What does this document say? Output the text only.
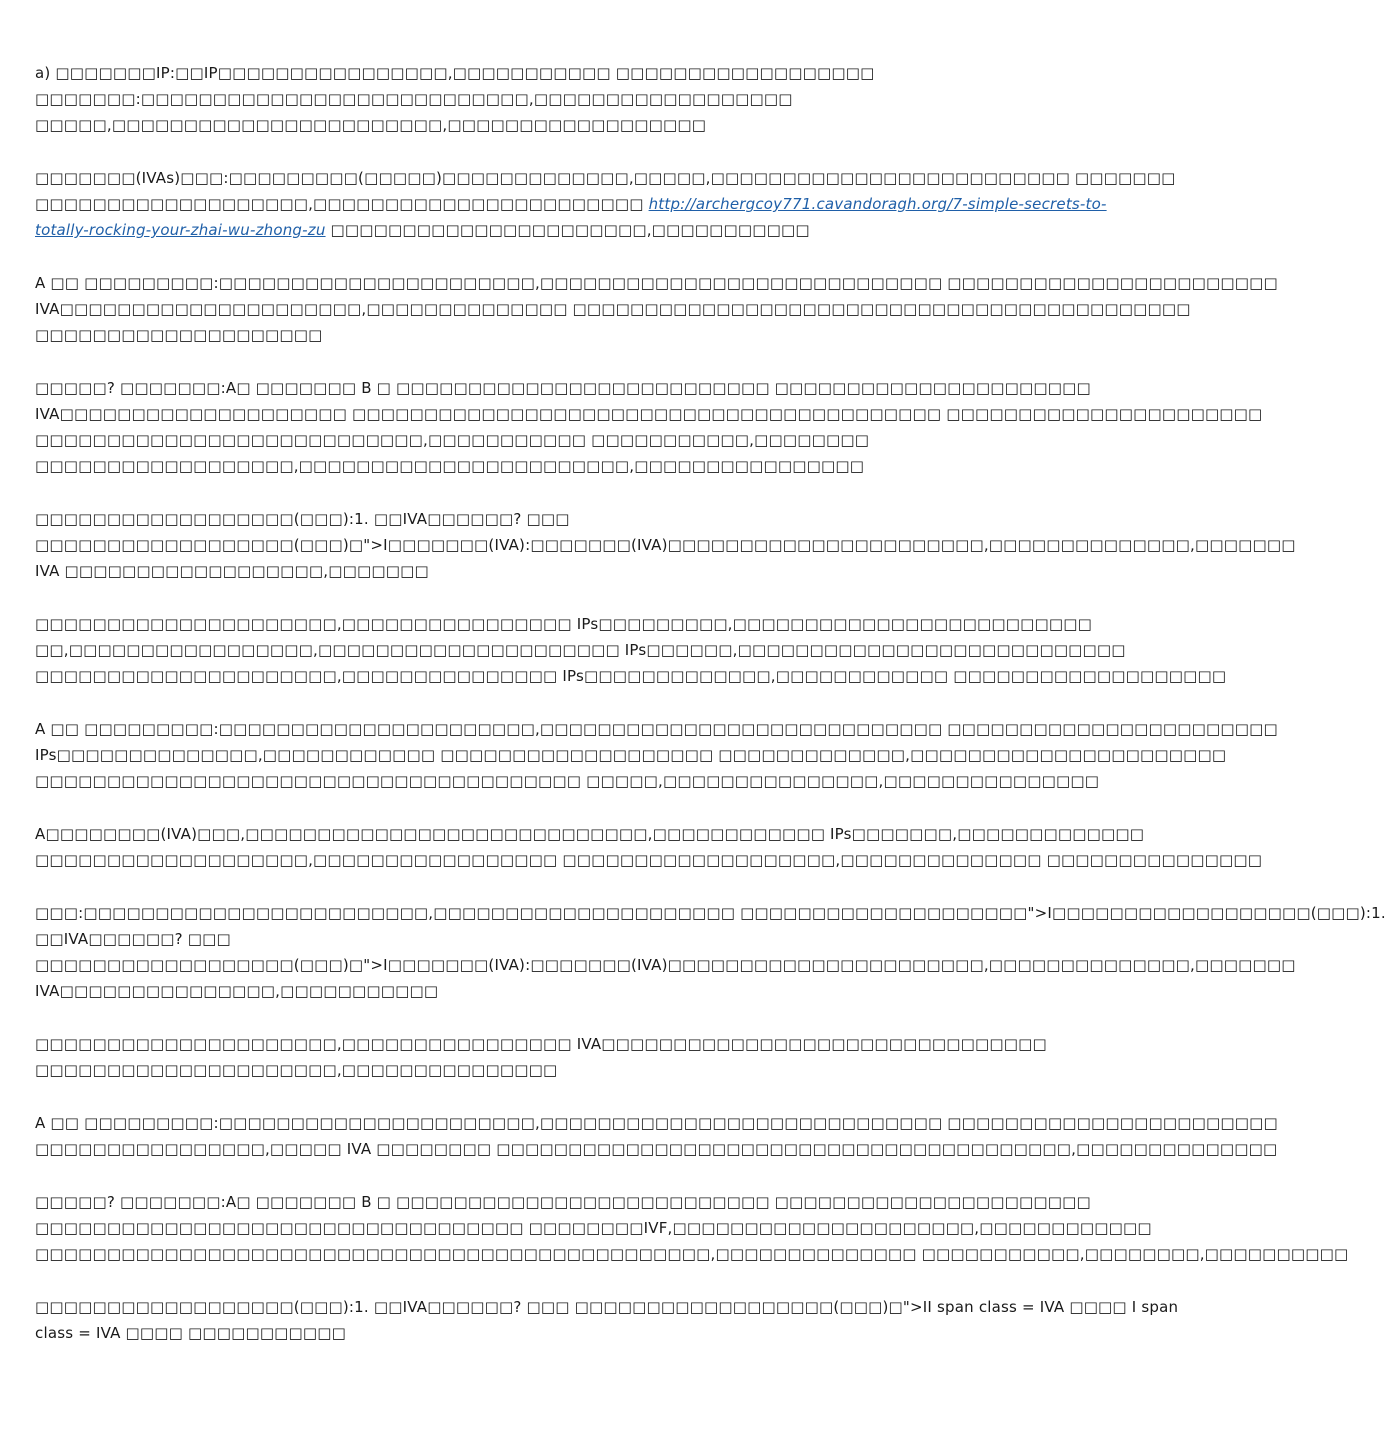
a) □□□□□□□IP:□□IP□□□□□□□□□□□□□□□□,□□□□□□□□□□□ □□□□□□□□□□□□□□□□□□
□□□□□□□:□□□□□□□□□□□□□□□□□□□□□□□□□□□,□□□□□□□□□□□□□□□□□□
□□□□□,□□□□□□□□□□□□□□□□□□□□□□□,□□□□□□□□□□□□□□□□□□

□□□□□□□(IVAs)□□□:□□□□□□□□□(□□□□□)□□□□□□□□□□□□□,□□□□□,□□□□□□□□□□□□□□□□□□□□□□□□□ □□□□□□□
□□□□□□□□□□□□□□□□□□□,□□□□□□□□□□□□□□□□□□□□□□□ http://archergcoy771.cavandoragh.org/7-simple-secrets-to-
totally-rocking-your-zhai-wu-zhong-zu □□□□□□□□□□□□□□□□□□□□□□,□□□□□□□□□□□

A □□ □□□□□□□□□:□□□□□□□□□□□□□□□□□□□□□□,□□□□□□□□□□□□□□□□□□□□□□□□□□□□ □□□□□□□□□□□□□□□□□□□□□□□
IVA□□□□□□□□□□□□□□□□□□□□□,□□□□□□□□□□□□□□ □□□□□□□□□□□□□□□□□□□□□□□□□□□□□□□□□□□□□□□□□□□
□□□□□□□□□□□□□□□□□□□□

□□□□□? □□□□□□□:A□ □□□□□□□ B □ □□□□□□□□□□□□□□□□□□□□□□□□□□ □□□□□□□□□□□□□□□□□□□□□□
IVA□□□□□□□□□□□□□□□□□□□□ □□□□□□□□□□□□□□□□□□□□□□□□□□□□□□□□□□□□□□□□□ □□□□□□□□□□□□□□□□□□□□□□
□□□□□□□□□□□□□□□□□□□□□□□□□□□,□□□□□□□□□□□ □□□□□□□□□□□,□□□□□□□□
□□□□□□□□□□□□□□□□□□,□□□□□□□□□□□□□□□□□□□□□□□,□□□□□□□□□□□□□□□□

□□□□□□□□□□□□□□□□□□(□□□):1. □□IVA□□□□□□? □□□
□□□□□□□□□□□□□□□□□□(□□□)□">I□□□□□□□(IVA):□□□□□□□(IVA)□□□□□□□□□□□□□□□□□□□□□□,□□□□□□□□□□□□□□,□□□□□□□
IVA □□□□□□□□□□□□□□□□□□,□□□□□□□

□□□□□□□□□□□□□□□□□□□□□,□□□□□□□□□□□□□□□□ IPs□□□□□□□□□,□□□□□□□□□□□□□□□□□□□□□□□□□
□□,□□□□□□□□□□□□□□□□□,□□□□□□□□□□□□□□□□□□□□□ IPs□□□□□□,□□□□□□□□□□□□□□□□□□□□□□□□□□□
□□□□□□□□□□□□□□□□□□□□□,□□□□□□□□□□□□□□□ IPs□□□□□□□□□□□□□,□□□□□□□□□□□□ □□□□□□□□□□□□□□□□□□□

A □□ □□□□□□□□□:□□□□□□□□□□□□□□□□□□□□□□,□□□□□□□□□□□□□□□□□□□□□□□□□□□□ □□□□□□□□□□□□□□□□□□□□□□□
IPs□□□□□□□□□□□□□□,□□□□□□□□□□□□ □□□□□□□□□□□□□□□□□□□ □□□□□□□□□□□□□,□□□□□□□□□□□□□□□□□□□□□□
□□□□□□□□□□□□□□□□□□□□□□□□□□□□□□□□□□□□□□ □□□□□,□□□□□□□□□□□□□□□,□□□□□□□□□□□□□□□

A□□□□□□□□(IVA)□□□,□□□□□□□□□□□□□□□□□□□□□□□□□□□□,□□□□□□□□□□□□ IPs□□□□□□□,□□□□□□□□□□□□□
□□□□□□□□□□□□□□□□□□□,□□□□□□□□□□□□□□□□□ □□□□□□□□□□□□□□□□□□□,□□□□□□□□□□□□□□ □□□□□□□□□□□□□□□

□□□:□□□□□□□□□□□□□□□□□□□□□□□□,□□□□□□□□□□□□□□□□□□□□□ □□□□□□□□□□□□□□□□□□□□">I□□□□□□□□□□□□□□□□□□(□□□):1.
□□IVA□□□□□□? □□□
□□□□□□□□□□□□□□□□□□(□□□)□">I□□□□□□□(IVA):□□□□□□□(IVA)□□□□□□□□□□□□□□□□□□□□□□,□□□□□□□□□□□□□□,□□□□□□□
IVA□□□□□□□□□□□□□□□,□□□□□□□□□□□

□□□□□□□□□□□□□□□□□□□□□,□□□□□□□□□□□□□□□□ IVA□□□□□□□□□□□□□□□□□□□□□□□□□□□□□□□
□□□□□□□□□□□□□□□□□□□□□,□□□□□□□□□□□□□□□

A □□ □□□□□□□□□:□□□□□□□□□□□□□□□□□□□□□□,□□□□□□□□□□□□□□□□□□□□□□□□□□□□ □□□□□□□□□□□□□□□□□□□□□□□
□□□□□□□□□□□□□□□□,□□□□□ IVA □□□□□□□□ □□□□□□□□□□□□□□□□□□□□□□□□□□□□□□□□□□□□□□□□,□□□□□□□□□□□□□□

□□□□□? □□□□□□□:A□ □□□□□□□ B □ □□□□□□□□□□□□□□□□□□□□□□□□□□ □□□□□□□□□□□□□□□□□□□□□□
□□□□□□□□□□□□□□□□□□□□□□□□□□□□□□□□□□ □□□□□□□□IVF,□□□□□□□□□□□□□□□□□□□□□,□□□□□□□□□□□□
□□□□□□□□□□□□□□□□□□□□□□□□□□□□□□□□□□□□□□□□□□□□□□□,□□□□□□□□□□□□□□ □□□□□□□□□□□,□□□□□□□□,□□□□□□□□□□

□□□□□□□□□□□□□□□□□□(□□□):1. □□IVA□□□□□□? □□□ □□□□□□□□□□□□□□□□□□(□□□)□">II span class = IVA □□□□ I span
class = IVA □□□□ □□□□□□□□□□□
